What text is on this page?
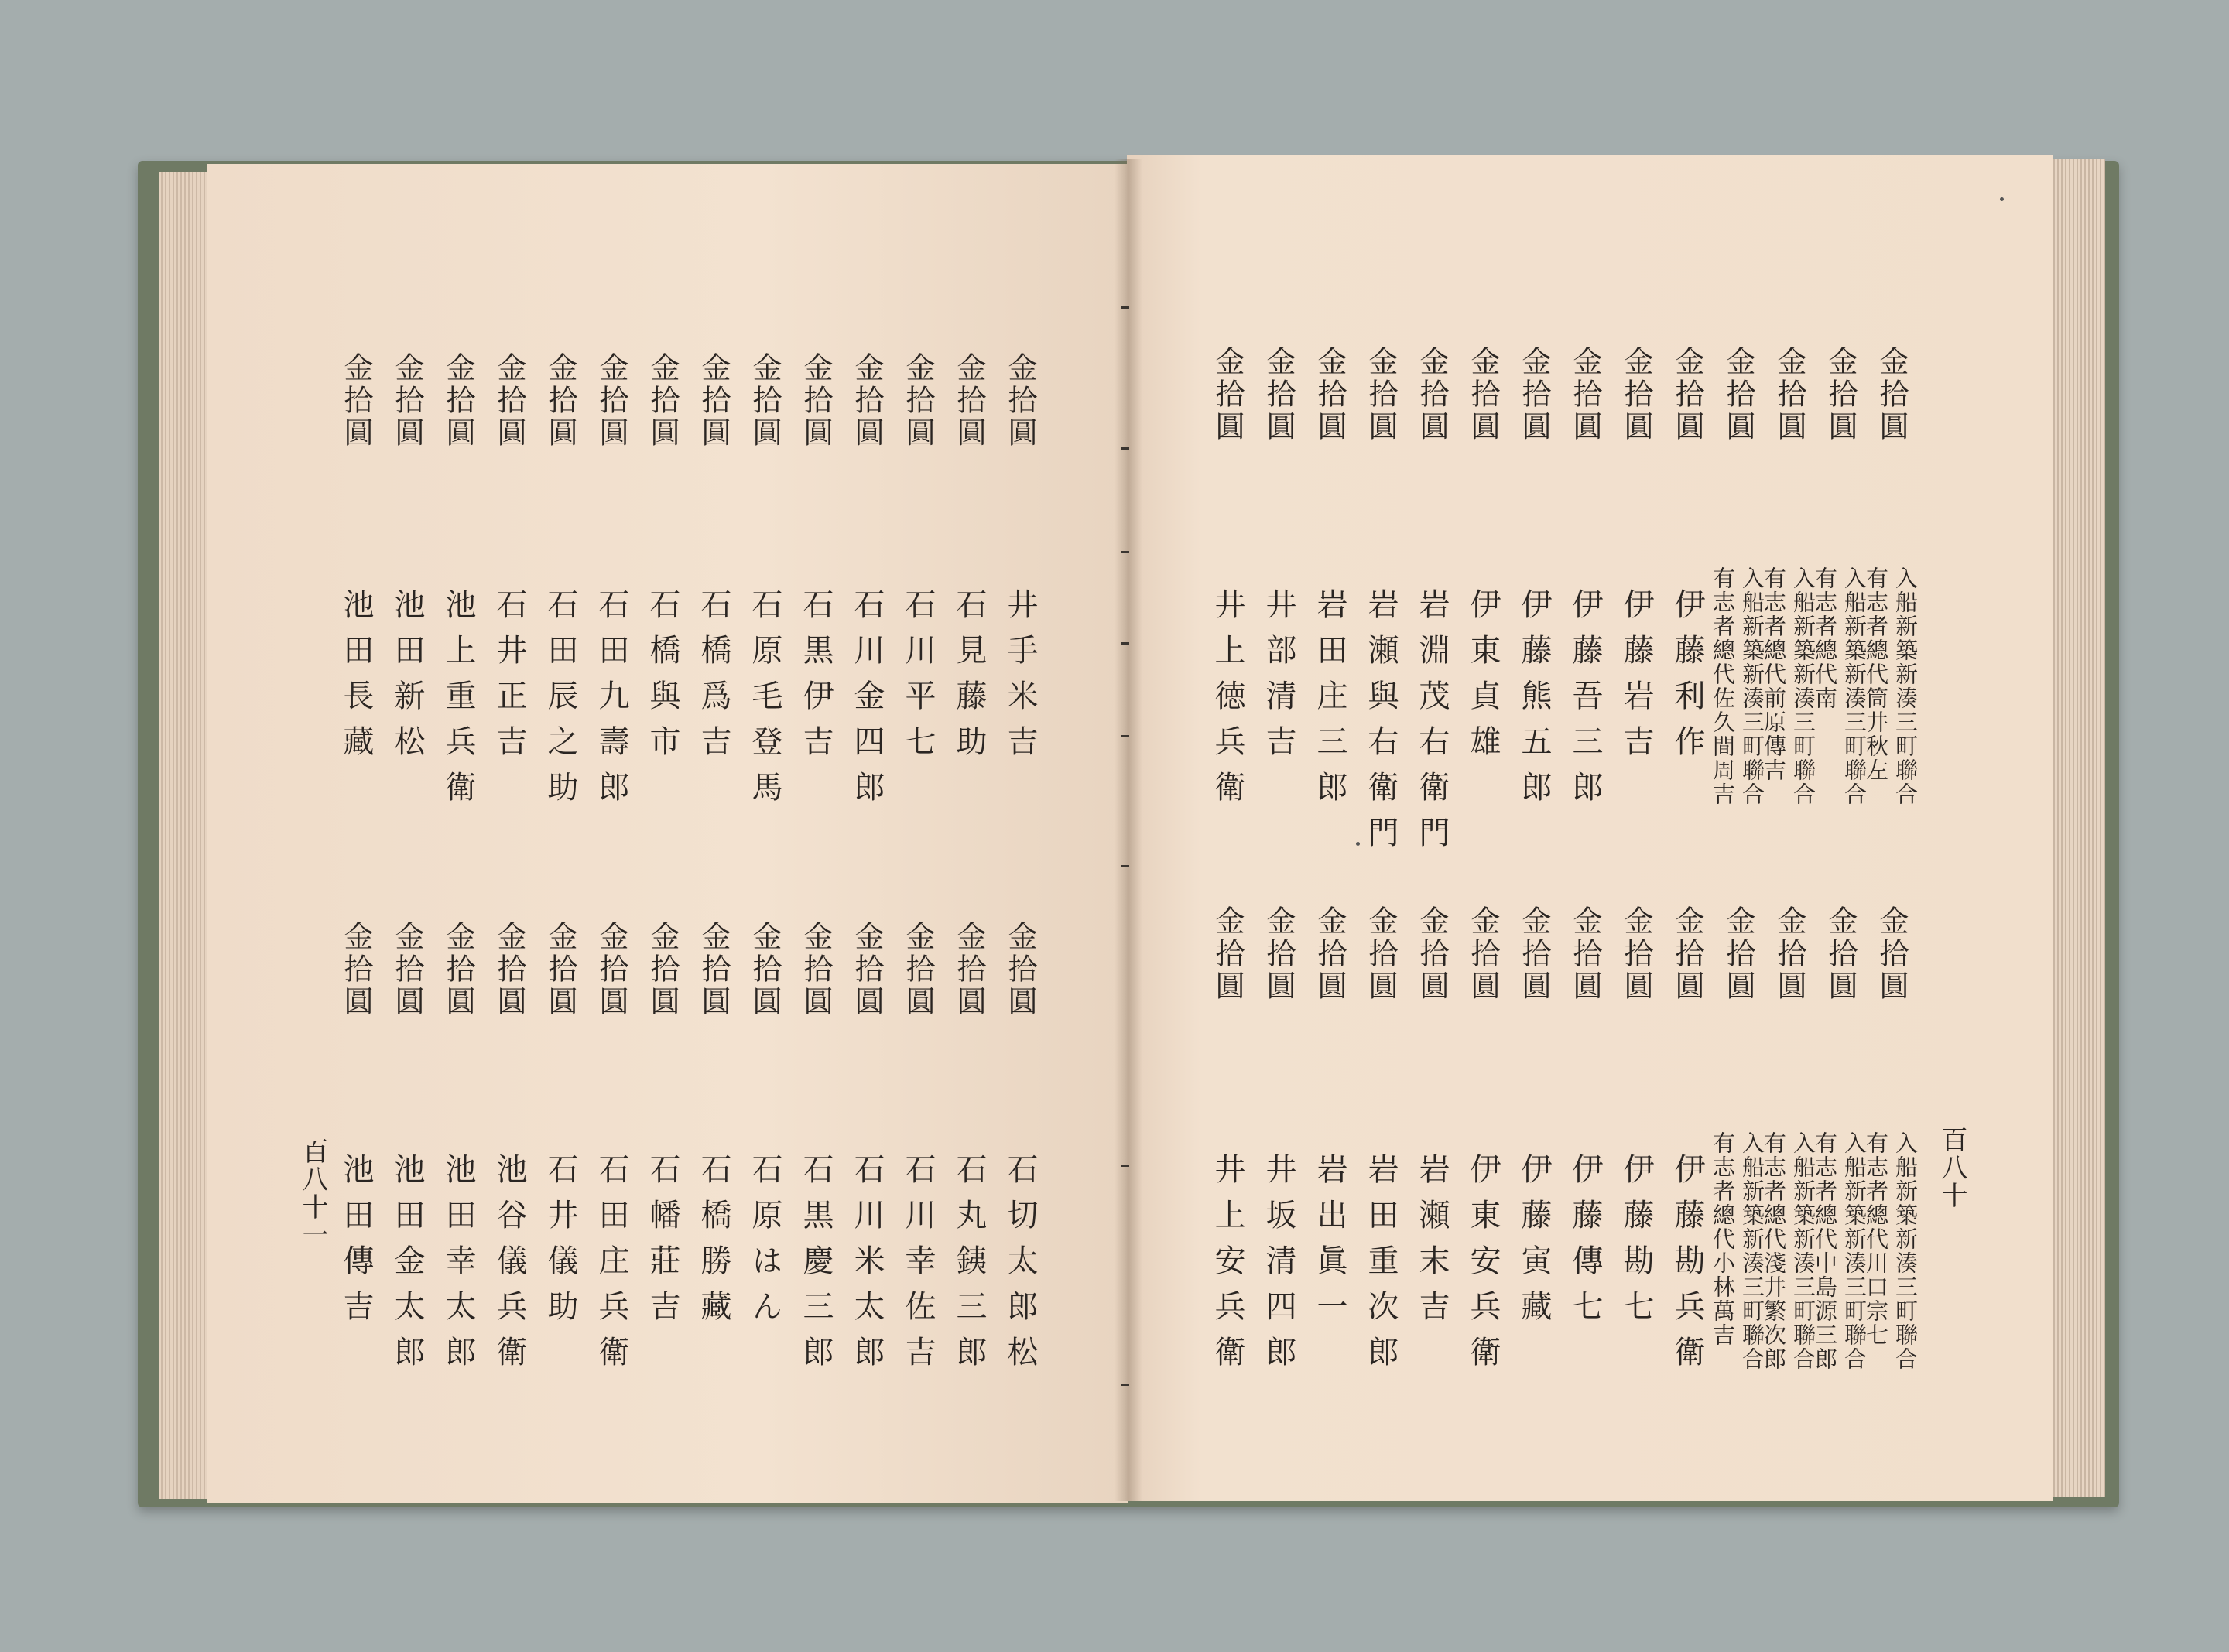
百八十一	百八十
金拾圓
金拾圓
金拾圓
金拾圓
金拾圓
金拾圓
金拾圓
金拾圓
金拾圓
金拾圓
金拾圓
金拾圓
金拾圓
金拾圓
井手米吉
石見藤助
石川平七
石川金四郎
石黒伊吉
石原毛登馬
石橋爲吉
石橋與市
石田九壽郎
石田辰之助
石井正吉
池上重兵衛
池田新松
池田長藏
金拾圓
金拾圓
金拾圓
金拾圓
金拾圓
金拾圓
金拾圓
金拾圓
金拾圓
金拾圓
金拾圓
金拾圓
金拾圓
金拾圓
石切太郎松
石丸銕三郎
石川幸佐吉
石川米太郎
石黒慶三郎
石原はん
石橋勝藏
石幡莊吉
石田庄兵衛
石井儀助
池谷儀兵衛
池田幸太郎
池田金太郎
池田傳吉
金拾圓
金拾圓
金拾圓
金拾圓
金拾圓
金拾圓
金拾圓
金拾圓
金拾圓
金拾圓
金拾圓
金拾圓
金拾圓
金拾圓
入船新築新湊三町聯合
有志者總代筒井秋左
入船新築新湊三町聯合
有志者總代南　　　
入船新築新湊三町聯合
有志者總代前原傳吉
入船新築新湊三町聯合
有志者總代佐久間周吉
伊藤利作
伊藤岩吉
伊藤吾三郎
伊藤熊五郎
伊東貞雄
岩淵茂右衛門
岩瀬與右衛門
岩田庄三郎
井部清吉
井上徳兵衛
金拾圓
金拾圓
金拾圓
金拾圓
金拾圓
金拾圓
金拾圓
金拾圓
金拾圓
金拾圓
金拾圓
金拾圓
金拾圓
金拾圓
入船新築新湊三町聯合
有志者總代川口宗七
入船新築新湊三町聯合
有志者總代中島源三郎
入船新築新湊三町聯合
有志者總代淺井繁次郎
入船新築新湊三町聯合
有志者總代小林萬吉
伊藤勘兵衛
伊藤勘七
伊藤傳七
伊藤寅藏
伊東安兵衛
岩瀬末吉
岩田重次郎
岩出眞一
井坂清四郎
井上安兵衛
